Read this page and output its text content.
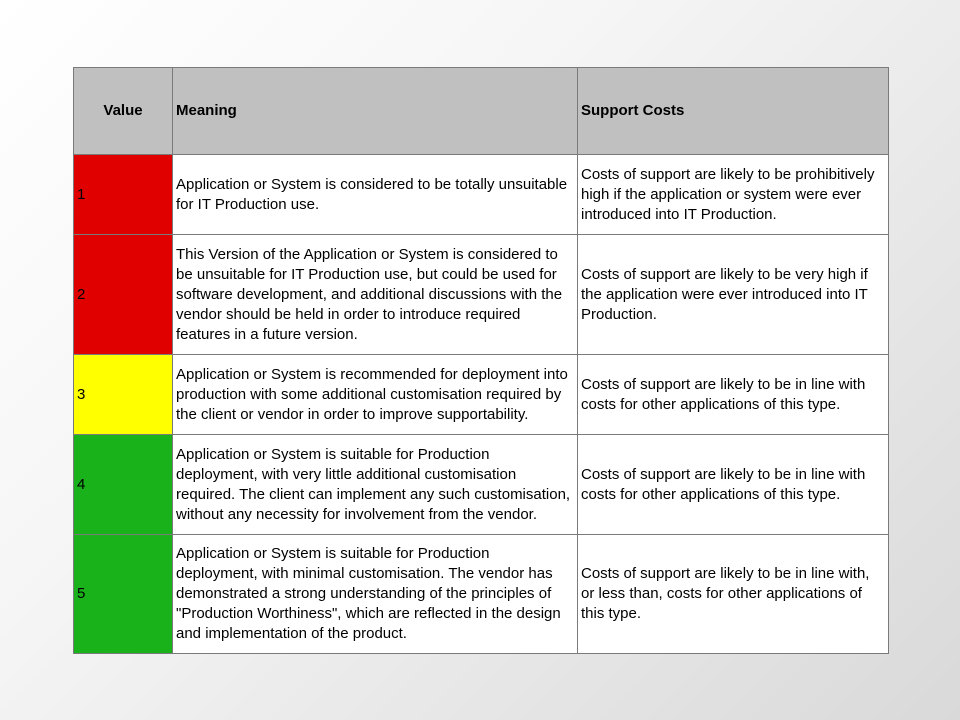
Value	Meaning	Support Costs
1	Application or System is considered to be totally unsuitable for IT Production use.	Costs of support are likely to be prohibitively high if the application or system were ever introduced into IT Production.
2	This Version of the Application or System is considered to be unsuitable for IT Production use, but could be used for software development, and additional discussions with the vendor should be held in order to introduce required features in a future version.	Costs of support are likely to be very high if the application were ever introduced into IT Production.
3	Application or System is recommended for deployment into production with some additional customisation required by the client or vendor in order to improve supportability.	Costs of support are likely to be in line with costs for other applications of this type.
4	Application or System is suitable for Production deployment, with very little additional customisation required. The client can implement any such customisation, without any necessity for involvement from the vendor.	Costs of support are likely to be in line with costs for other applications of this type.
5	Application or System is suitable for Production deployment, with minimal customisation. The vendor has demonstrated a strong understanding of the principles of "Production Worthiness", which are reflected in the design and implementation of the product.	Costs of support are likely to be in line with, or less than, costs for other applications of this type.
